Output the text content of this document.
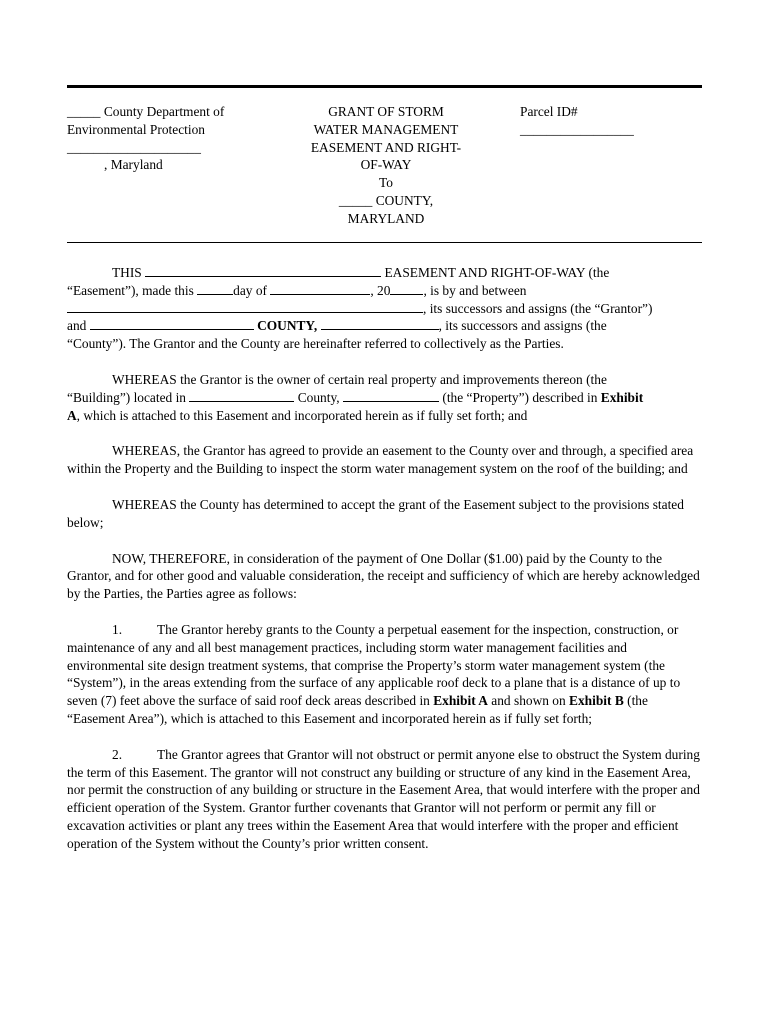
_____ County Department of
Environmental Protection
____________________
, Maryland
GRANT OF STORM
WATER MANAGEMENT
EASEMENT AND RIGHT-
OF-WAY
To
_____ COUNTY,
MARYLAND
Parcel ID#
_________________

THIS	EASEMENT AND RIGHT-OF-WAY (the
“Easement”), made this	day of	, 20 , is by and between
, its successors and assigns (the “Grantor”)
and	COUNTY,	, its successors and assigns (the
“County”). The Grantor and the County are hereinafter referred to collectively as the Parties.

WHEREAS the Grantor is the owner of certain real property and improvements thereon (the
“Building”) located in	County,	(the “Property”) described in Exhibit
A, which is attached to this Easement and incorporated herein as if fully set forth; and

WHEREAS, the Grantor has agreed to provide an easement to the County over and through, a specified area within the Property and the Building to inspect the storm water management system on the roof of the building; and

WHEREAS the County has determined to accept the grant of the Easement subject to the provisions stated below;

NOW, THEREFORE, in consideration of the payment of One Dollar ($1.00) paid by the County to the Grantor, and for other good and valuable consideration, the receipt and sufficiency of which are hereby acknowledged by the Parties, the Parties agree as follows:

1.	The Grantor hereby grants to the County a perpetual easement for the inspection, construction, or maintenance of any and all best management practices, including storm water management facilities and environmental site design treatment systems, that comprise the Property’s storm water management system (the “System”), in the areas extending from the surface of any applicable roof deck to a plane that is a distance of up to seven (7) feet above the surface of said roof deck areas described in Exhibit A and shown on Exhibit B (the “Easement Area”), which is attached to this Easement and incorporated herein as if fully set forth;

2.	The Grantor agrees that Grantor will not obstruct or permit anyone else to obstruct the System during the term of this Easement. The grantor will not construct any building or structure of any kind in the Easement Area, nor permit the construction of any building or structure in the Easement Area, that would interfere with the proper and efficient operation of the System. Grantor further covenants that Grantor will not perform or permit any fill or excavation activities or plant any trees within the Easement Area that would interfere with the proper and efficient operation of the System without the County’s prior written consent.
